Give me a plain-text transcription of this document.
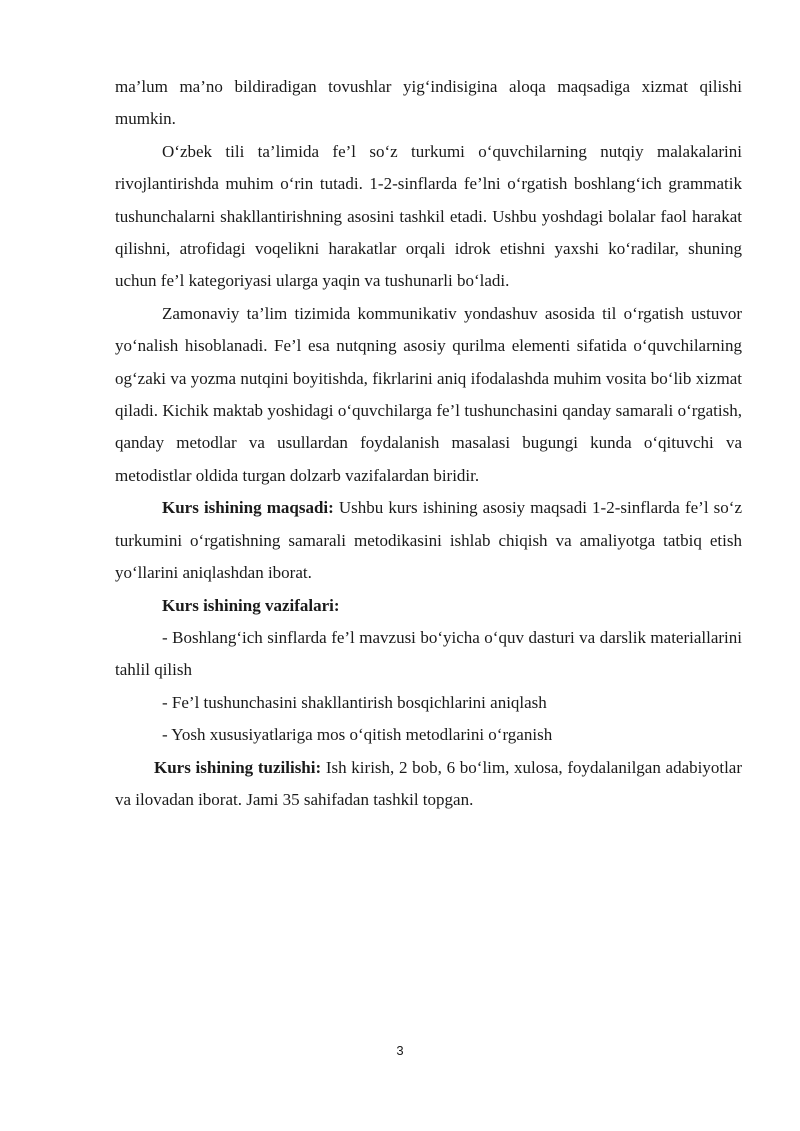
ma’lum ma’no bildiradigan tovushlar yig‘indisigina aloqa maqsadiga xizmat qilishi mumkin.

O‘zbek tili ta’limida fe’l so‘z turkumi o‘quvchilarning nutqiy malakalarini rivojlantirishda muhim o‘rin tutadi. 1-2-sinflarda fe’lni o‘rgatish boshlang‘ich grammatik tushunchalarni shakllantirishning asosini tashkil etadi. Ushbu yoshdagi bolalar faol harakat qilishni, atrofidagi voqelikni harakatlar orqali idrok etishni yaxshi ko‘radilar, shuning uchun fe’l kategoriyasi ularga yaqin va tushunarli bo‘ladi.

Zamonaviy ta’lim tizimida kommunikativ yondashuv asosida til o‘rgatish ustuvor yo‘nalish hisoblanadi. Fe’l esa nutqning asosiy qurilma elementi sifatida o‘quvchilarning og‘zaki va yozma nutqini boyitishda, fikrlarini aniq ifodalashda muhim vosita bo‘lib xizmat qiladi. Kichik maktab yoshidagi o‘quvchilarga fe’l tushunchasini qanday samarali o‘rgatish, qanday metodlar va usullardan foydalanish masalasi bugungi kunda o‘qituvchi va metodistlar oldida turgan dolzarb vazifalardan biridir.

Kurs ishining maqsadi: Ushbu kurs ishining asosiy maqsadi 1-2-sinflarda fe’l so‘z turkumini o‘rgatishning samarali metodikasini ishlab chiqish va amaliyotga tatbiq etish yo‘llarini aniqlashdan iborat.

Kurs ishining vazifalari:

- Boshlang‘ich sinflarda fe’l mavzusi bo‘yicha o‘quv dasturi va darslik materiallarini tahlil qilish

- Fe’l tushunchasini shakllantirish bosqichlarini aniqlash

- Yosh xususiyatlariga mos o‘qitish metodlarini o‘rganish

Kurs ishining tuzilishi: Ish kirish, 2 bob, 6 bo‘lim, xulosa, foydalanilgan adabiyotlar va ilovadan iborat. Jami 35 sahifadan tashkil topgan.

3
